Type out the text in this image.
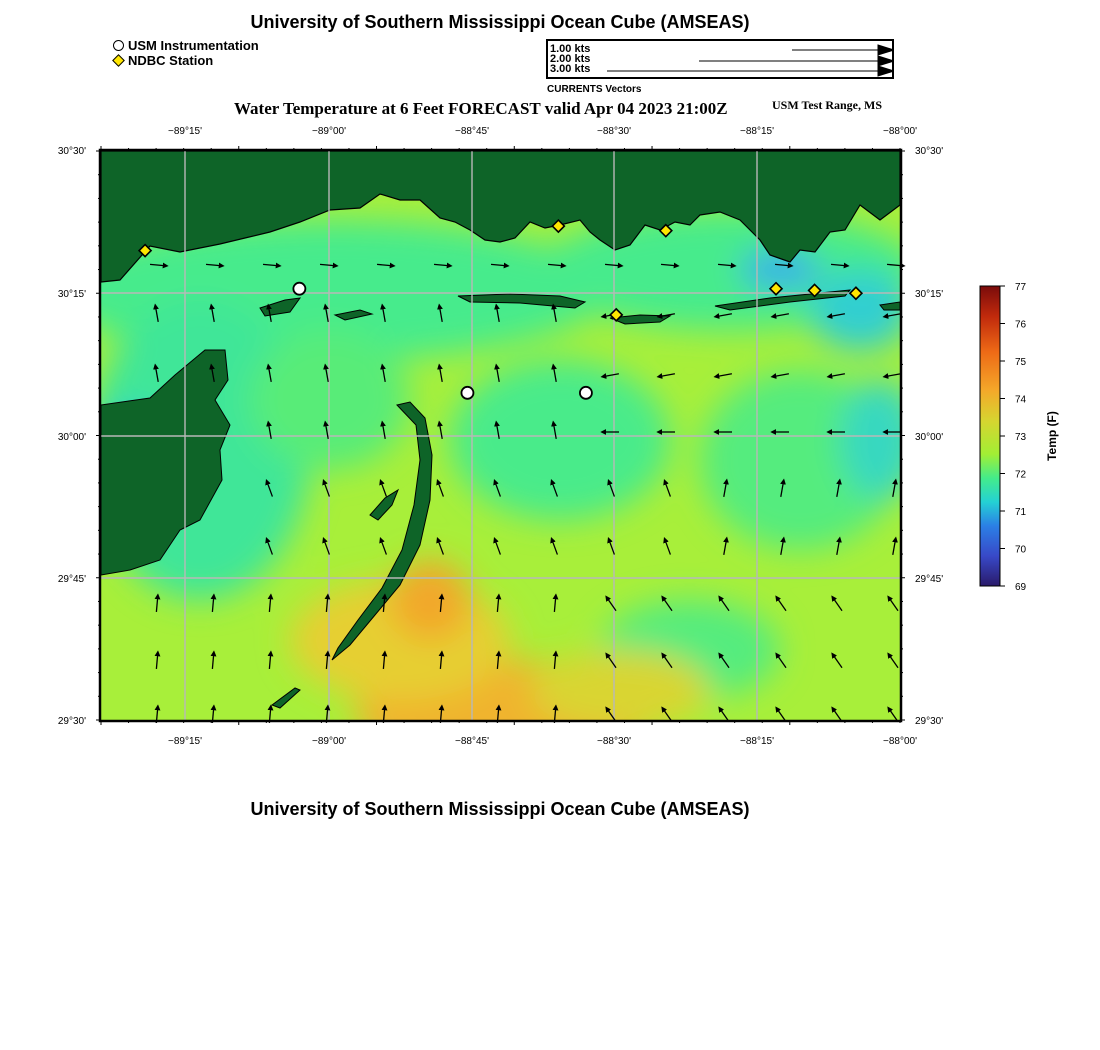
University of Southern Mississippi Ocean Cube (AMSEAS)
USM Instrumentation
NDBC Station
1.00 kts
2.00 kts
3.00 kts
CURRENTS Vectors
Water Temperature at 6 Feet FORECAST valid Apr 04 2023 21:00Z	USM Test Range, MS
−89°15'	−89°00'	−88°45'	−88°30'	−88°15'	−88°00'
−89°15'	−89°00'	−88°45'	−88°30'	−88°15'	−88°00'
30°30'
30°15'
30°00'
29°45'
29°30'
30°30'
30°15'
30°00'
29°45'
29°30'
77
76
75
74
73
72
71
70
69
Temp (F)
University of Southern Mississippi Ocean Cube (AMSEAS)
